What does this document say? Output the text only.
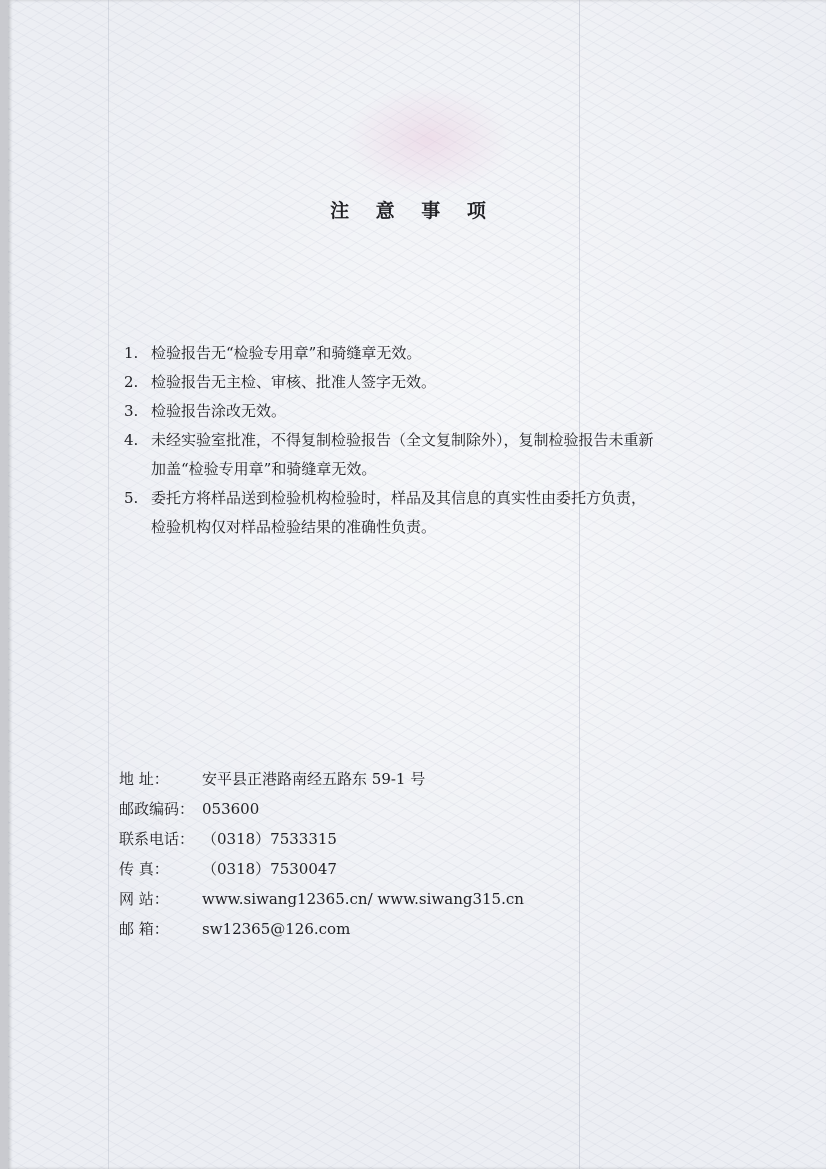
注 意 事 项
1. 检验报告无“检验专用章”和骑缝章无效。
2. 检验报告无主检、审核、批准人签字无效。
3. 检验报告涂改无效。
4. 未经实验室批准，不得复制检验报告（全文复制除外），复制检验报告未重新
加盖“检验专用章”和骑缝章无效。
5. 委托方将样品送到检验机构检验时，样品及其信息的真实性由委托方负责，
检验机构仅对样品检验结果的准确性负责。
地 址： 安平县正港路南经五路东 59-1 号
邮政编码： 053600
联系电话： （0318）7533315
传 真： （0318）7530047
网 站： www.siwang12365.cn/ www.siwang315.cn
邮 箱： sw12365@126.com
